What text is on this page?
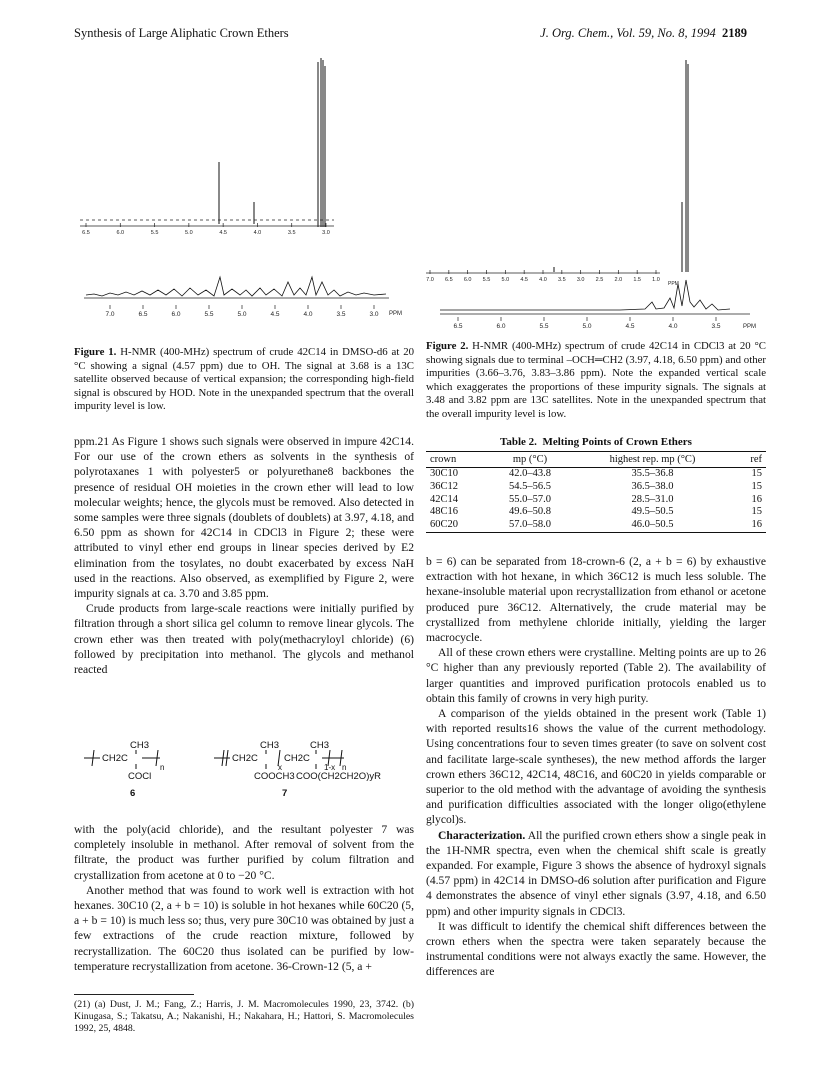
Synthesis of Large Aliphatic Crown Ethers	J. Org. Chem., Vol. 59, No. 8, 1994 2189
6.5	6.0	5.5	5.0	4.5	4.0	3.5	3.0
7.0	6.5	6.0	5.5	5.0	4.5	4.0	3.5	3.0 PPM
Figure 1. H-NMR (400-MHz) spectrum of crude 42C14 in DMSO-d6 at 20 °C showing a signal (4.57 ppm) due to OH. The signal at 3.68 is a 13C satellite observed because of vertical expansion; the corresponding high-field signal is obscured by HOD. Note in the unexpanded spectrum that the overall impurity level is low.
7.0 6.5 6.0 5.5 5.0 4.5 4.0 3.5 3.0 2.5 2.0 1.5 1.0
PPM
6.5	6.0	5.5	5.0	4.5	4.0	3.5	PPM
Figure 2. H-NMR (400-MHz) spectrum of crude 42C14 in CDCl3 at 20 °C showing signals due to terminal –OCH═CH2 (3.97, 4.18, 6.50 ppm) and other impurities (3.66–3.76, 3.83–3.86 ppm). Note the expanded vertical scale which exaggerates the proportions of these impurity signals. The signals at 3.48 and 3.82 ppm are 13C satellites. Note in the unexpanded spectrum that the overall impurity level is low.

ppm.21 As Figure 1 shows such signals were observed in impure 42C14. For our use of the crown ethers as solvents in the synthesis of polyrotaxanes 1 with polyester5 or polyurethane8 backbones the presence of residual OH moieties in the crown ether will lead to low molecular weights; hence, the glycols must be removed. Also detected in some samples were three signals (doublets of doublets) at 3.97, 4.18, and 6.50 ppm as shown for 42C14 in CDCl3 in Figure 2; these were attributed to vinyl ether end groups in linear species derived by E2 elimination from the tosylates, no doubt exacerbated by excess NaH used in the reactions. Also observed, as exemplified by Figure 2, were impurity signals at ca. 3.70 and 3.85 ppm.

Crude products from large-scale reactions were initially purified by filtration through a short silica gel column to remove linear glycols. The crown ether was then treated with poly(methacryloyl chloride) (6) followed by precipitation into methanol. The glycols and methanol reacted

CH2C
CH3
COCl
n
6
CH2C
CH3
COOCH3
x
CH2C
CH3
COO(CH2CH2O)yR
1-x n
7

with the poly(acid chloride), and the resultant polyester 7 was completely insoluble in methanol. After removal of solvent from the filtrate, the product was further purified by colum filtration and crystallization from acetone at 0 to −20 °C.

Another method that was found to work well is extraction with hot hexanes. 30C10 (2, a + b = 10) is soluble in hot hexanes while 60C20 (5, a + b = 10) is much less so; thus, very pure 30C10 was obtained by just a few extractions of the crude reaction mixture, followed by recrystallization. The 60C20 thus isolated can be purified by low-temperature recrystallization from acetone. 36-Crown-12 (5, a +

(21) (a) Dust, J. M.; Fang, Z.; Harris, J. M. Macromolecules 1990, 23, 3742. (b) Kinugasa, S.; Takatsu, A.; Nakanishi, H.; Nakahara, H.; Hattori, S. Macromolecules 1992, 25, 4848.
Table 2. Melting Points of Crown Ethers
crown	mp (°C)	highest rep. mp (°C)	ref
30C10	42.0–43.8	35.5–36.8	15
36C12	54.5–56.5	36.5–38.0	15
42C14	55.0–57.0	28.5–31.0	16
48C16	49.6–50.8	49.5–50.5	15
60C20	57.0–58.0	46.0–50.5	16

b = 6) can be separated from 18-crown-6 (2, a + b = 6) by exhaustive extraction with hot hexane, in which 36C12 is much less soluble. The hexane-insoluble material upon recrystallization from ethanol or acetone produced pure 36C12. Alternatively, the crude material may be crystallized from methylene chloride initially, yielding the larger macrocycle.

All of these crown ethers were crystalline. Melting points are up to 26 °C higher than any previously reported (Table 2). The availability of larger quantities and improved purification protocols enabled us to obtain this family of crowns in very high purity.

A comparison of the yields obtained in the present work (Table 1) with reported results16 shows the value of the current methodology. Using concentrations four to seven times greater (to save on solvent cost and facilitate large-scale syntheses), the new method affords the larger crown ethers 36C12, 42C14, 48C16, and 60C20 in yields comparable or superior to the old method with the advantage of avoiding the synthesis and purification difficulties associated with the longer oligo(ethylene glycol)s.

Characterization. All the purified crown ethers show a single peak in the 1H-NMR spectra, even when the chemical shift scale is greatly expanded. For example, Figure 3 shows the absence of hydroxyl signals (4.57 ppm) in 42C14 in DMSO-d6 solution after purification and Figure 4 demonstrates the absence of vinyl ether signals (3.97, 4.18, and 6.50 ppm) and other impurity signals in CDCl3.

It was difficult to identify the chemical shift differences between the crown ethers when the spectra were taken separately because the instrumental conditions were not always exactly the same. However, the differences are
